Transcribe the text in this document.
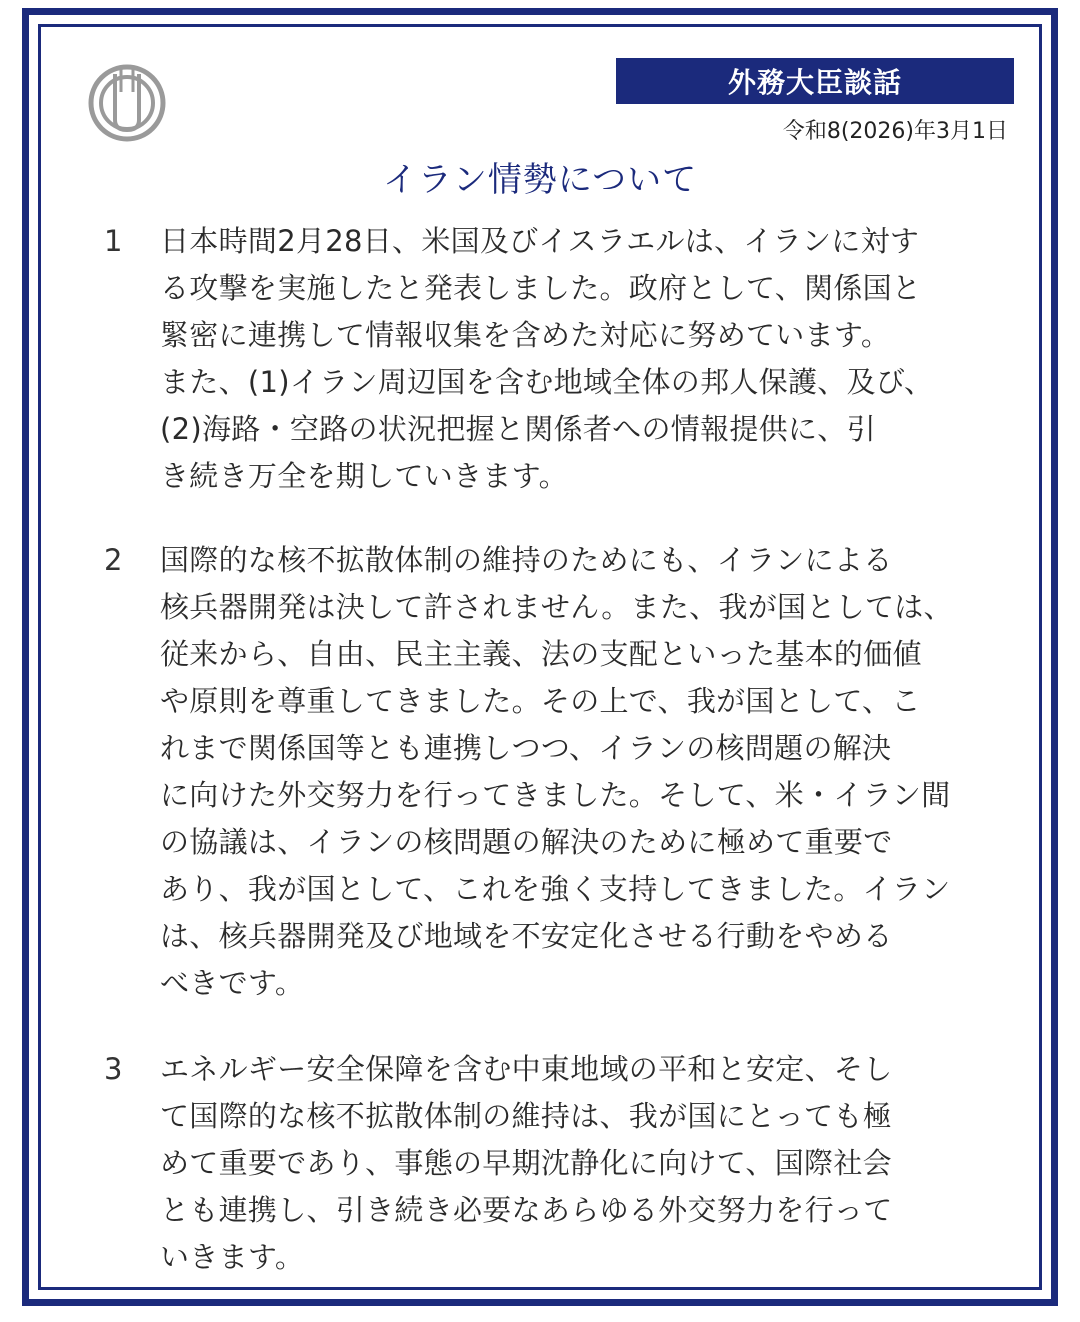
外務大臣談話
令和8(2026)年3月1日
イラン情勢について
1 日本時間2月28日、米国及びイスラエルは、イランに対す
る攻撃を実施したと発表しました。政府として、関係国と
緊密に連携して情報収集を含めた対応に努めています。
また、(1)イラン周辺国を含む地域全体の邦人保護、及び、
(2)海路・空路の状況把握と関係者への情報提供に、引
き続き万全を期していきます。
2 国際的な核不拡散体制の維持のためにも、イランによる
核兵器開発は決して許されません。また、我が国としては、
従来から、自由、民主主義、法の支配といった基本的価値
や原則を尊重してきました。その上で、我が国として、こ
れまで関係国等とも連携しつつ、イランの核問題の解決
に向けた外交努力を行ってきました。そして、米・イラン間
の協議は、イランの核問題の解決のために極めて重要で
あり、我が国として、これを強く支持してきました。イラン
は、核兵器開発及び地域を不安定化させる行動をやめる
べきです。
3 エネルギー安全保障を含む中東地域の平和と安定、そし
て国際的な核不拡散体制の維持は、我が国にとっても極
めて重要であり、事態の早期沈静化に向けて、国際社会
とも連携し、引き続き必要なあらゆる外交努力を行って
いきます。
